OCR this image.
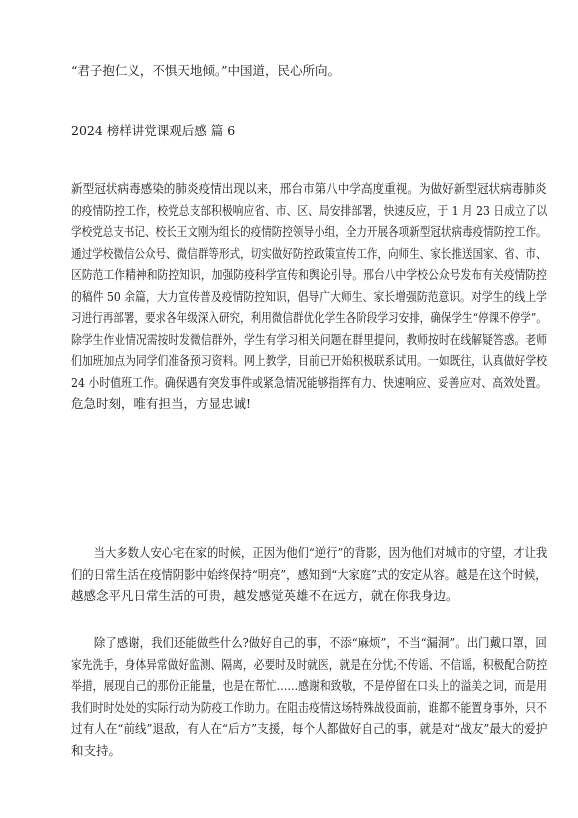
“君子抱仁义，不惧天地倾。”中国道，民心所向。

2024 榜样讲党课观后感 篇 6

新型冠状病毒感染的肺炎疫情出现以来，邢台市第八中学高度重视。为做好新型冠状病毒肺炎
的疫情防控工作，校党总支部积极响应省、市、区、局安排部署，快速反应，于 1 月 23 日成立了以
学校党总支书记、校长王文刚为组长的疫情防控领导小组，全力开展各项新型冠状病毒疫情防控工作。
通过学校微信公众号、微信群等形式，切实做好防控政策宣传工作，向师生、家长推送国家、省、市、
区防范工作精神和防控知识，加强防疫科学宣传和舆论引导。邢台八中学校公众号发布有关疫情防控
的稿件 50 余篇，大力宣传普及疫情防控知识，倡导广大师生、家长增强防范意识。对学生的线上学
习进行再部署，要求各年级深入研究，利用微信群优化学生各阶段学习安排，确保学生“停课不停学”。
除学生作业情况需按时发微信群外，学生有学习相关问题在群里提问，教师按时在线解疑答惑。老师
们加班加点为同学们准备预习资料。网上教学，目前已开始积极联系试用。一如既往，认真做好学校
24 小时值班工作。确保遇有突发事件或紧急情况能够指挥有力、快速响应、妥善应对、高效处置。
危急时刻，唯有担当，方显忠诚!
当大多数人安心宅在家的时候，正因为他们“逆行”的背影，因为他们对城市的守望，才让我
们的日常生活在疫情阴影中始终保持“明亮”，感知到“大家庭”式的安定从容。越是在这个时候，
越感念平凡日常生活的可贵，越发感觉英雄不在远方，就在你我身边。
除了感谢，我们还能做些什么?做好自己的事，不添“麻烦”，不当“漏洞”。出门戴口罩，回
家先洗手，身体异常做好监测、隔离，必要时及时就医，就是在分忧;不传谣、不信谣，积极配合防控
举措，展现自己的那份正能量，也是在帮忙……感谢和致敬，不是停留在口头上的溢美之词，而是用
我们时时处处的实际行动为防疫工作助力。在阻击疫情这场特殊战役面前，谁都不能置身事外，只不
过有人在“前线”退敌，有人在“后方”支援，每个人都做好自己的事，就是对“战友”最大的爱护
和支持。
